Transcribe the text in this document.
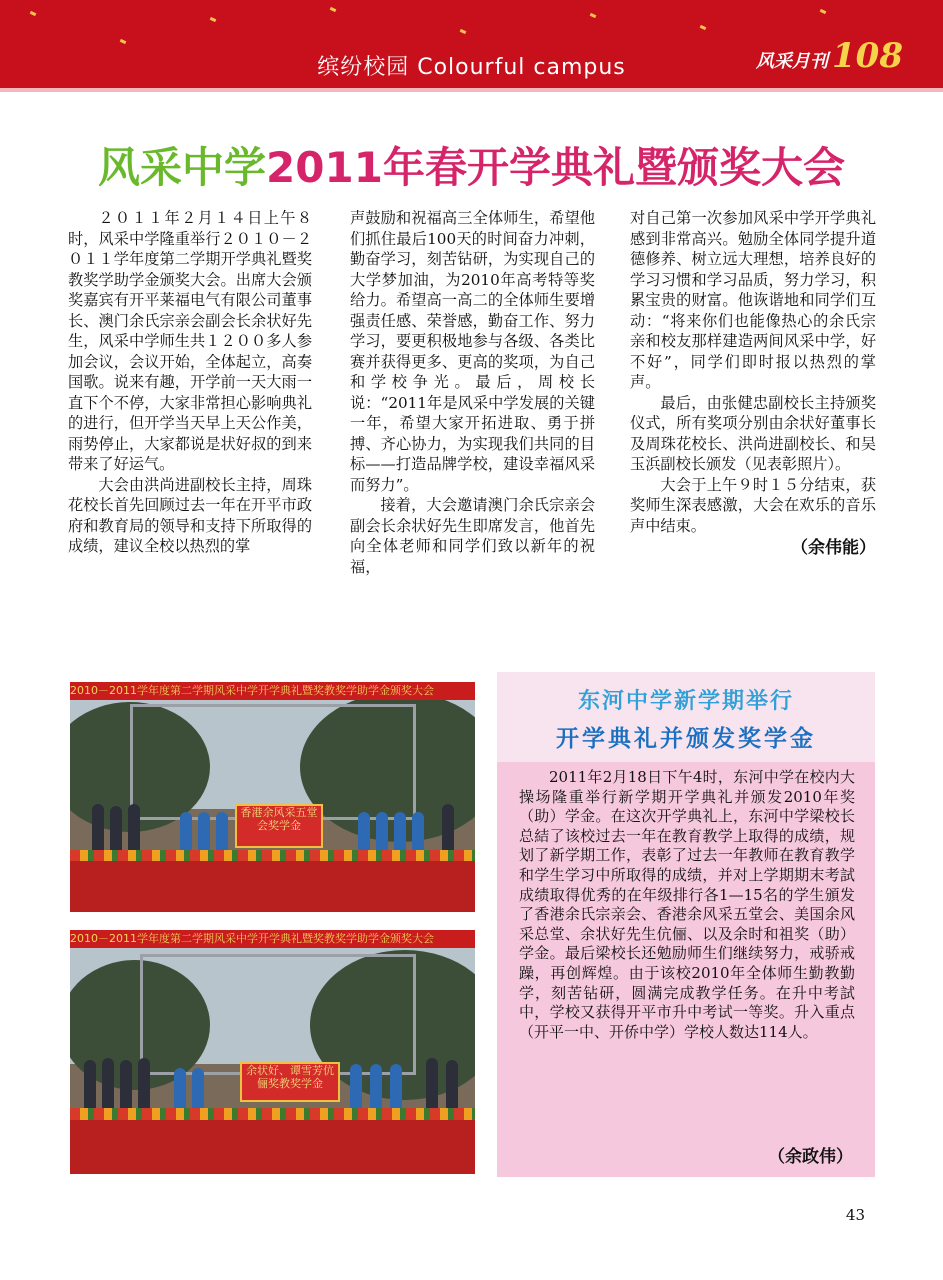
缤纷校园 Colourful campus	风采月刊 108
风采中学2011年春开学典礼暨颁奖大会

２０１１年２月１４日上午８时，风采中学隆重举行２０１０－２０１１学年度第二学期开学典礼暨奖教奖学助学金颁奖大会。出席大会颁奖嘉宾有开平莱福电气有限公司董事长、澳门余氏宗亲会副会长余状好先生，风采中学师生共１２００多人参加会议，会议开始，全体起立，高奏国歌。说来有趣，开学前一天大雨一直下个不停，大家非常担心影响典礼的进行，但开学当天早上天公作美，雨势停止，大家都说是状好叔的到来带来了好运气。

大会由洪尚进副校长主持，周珠花校长首先回顾过去一年在开平市政府和教育局的领导和支持下所取得的成绩，建议全校以热烈的掌

声鼓励和祝福高三全体师生，希望他们抓住最后100天的时间奋力冲刺，勤奋学习，刻苦钻研，为实现自己的大学梦加油，为2010年高考特等奖给力。希望高一高二的全体师生要增强责任感、荣誉感，勤奋工作、努力学习，要更积极地参与各级、各类比赛并获得更多、更高的奖项，为自己和学校争光。最后，周校长说：“2011年是风采中学发展的关键一年，希望大家开拓进取、勇于拼搏、齐心协力，为实现我们共同的目标——打造品牌学校，建设幸福风采而努力”。

接着，大会邀请澳门余氏宗亲会副会长余状好先生即席发言，他首先向全体老师和同学们致以新年的祝福，

对自己第一次参加风采中学开学典礼感到非常高兴。勉励全体同学提升道德修养、树立远大理想，培养良好的学习习惯和学习品质，努力学习，积累宝贵的财富。他诙谐地和同学们互动：“将来你们也能像热心的余氏宗亲和校友那样建造两间风采中学，好不好”，同学们即时报以热烈的掌声。

最后，由张健忠副校长主持颁奖仪式，所有奖项分别由余状好董事长及周珠花校长、洪尚进副校长、和吴玉浜副校长颁发（见表彰照片）。

大会于上午９时１５分结束，获奖师生深表感激，大会在欢乐的音乐声中结束。

（余伟能）
2010－2011学年度第二学期风采中学开学典礼暨奖教奖学助学金颁奖大会
香港余风采五堂会奖学金
2010－2011学年度第二学期风采中学开学典礼暨奖教奖学助学金颁奖大会
余状好、谭雪芳伉俪奖教奖学金
东河中学新学期举行
开学典礼并颁发奖学金

2011年2月18日下午4时，东河中学在校内大操场隆重举行新学期开学典礼并颁发2010年奖（助）学金。在这次开学典礼上，东河中学梁校长总結了该校过去一年在教育教学上取得的成绩，规划了新学期工作，表彰了过去一年教师在教育教学和学生学习中所取得的成绩，并对上学期期末考試成绩取得优秀的在年级排行各1—15名的学生頒发了香港余氏宗亲会、香港余风采五堂会、美国余风采总堂、余状好先生伉俪、以及余时和祖奖（助）学金。最后梁校长还勉励师生们继续努力，戒骄戒躁，再创辉煌。由于该校2010年全体师生勤教勤学，刻苦钻研，圆满完成教学任务。在升中考試中，学校又获得开平市升中考试一等奖。升入重点（开平一中、开侨中学）学校人数达114人。

（余政伟）
43
